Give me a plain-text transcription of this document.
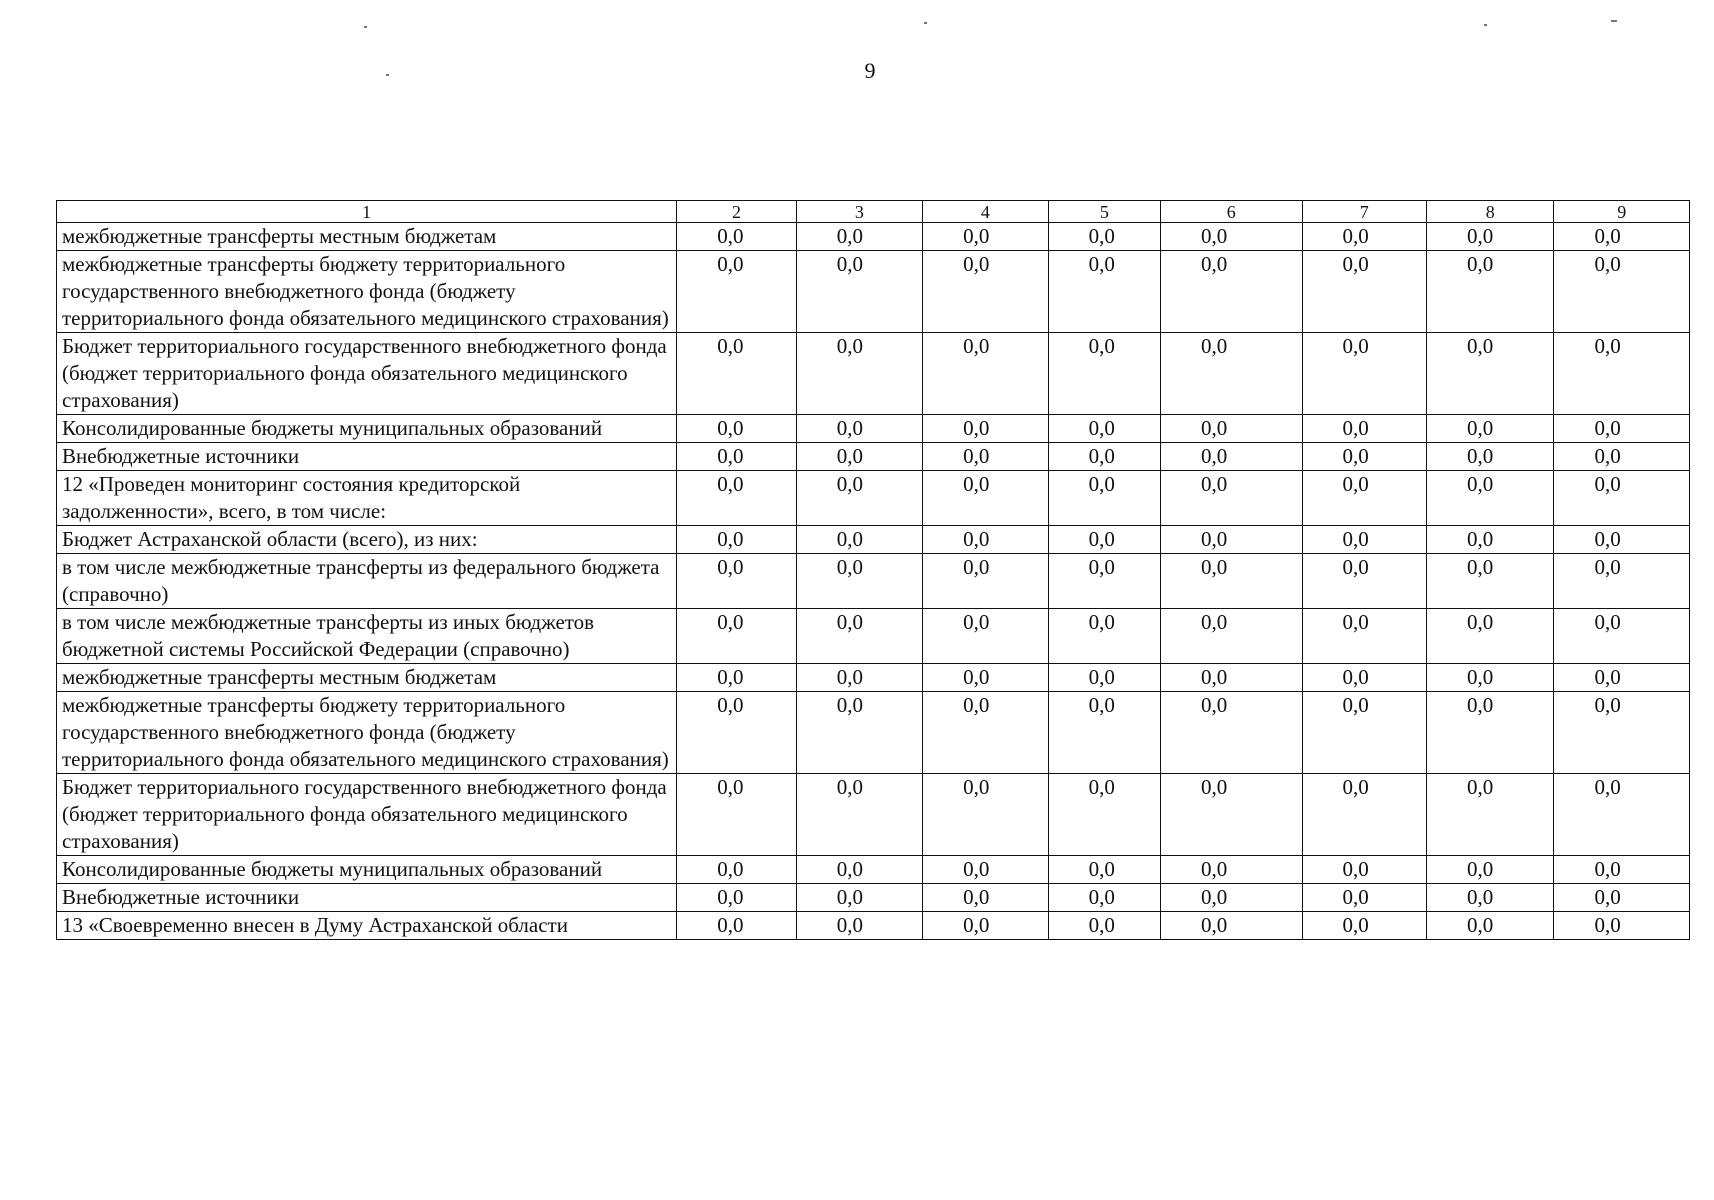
9
1	2	3	4	5	6	7	8	9
межбюджетные трансферты местным бюджетам	0,0	0,0	0,0	0,0	0,0	0,0	0,0	0,0
межбюджетные трансферты бюджету территориального государственного внебюджетного фонда (бюджету территориального фонда обязательного медицинского страхования)	0,0	0,0	0,0	0,0	0,0	0,0	0,0	0,0
Бюджет территориального государственного внебюджетного фонда (бюджет территориального фонда обязательного медицинского страхования)	0,0	0,0	0,0	0,0	0,0	0,0	0,0	0,0
Консолидированные бюджеты муниципальных образований	0,0	0,0	0,0	0,0	0,0	0,0	0,0	0,0
Внебюджетные источники	0,0	0,0	0,0	0,0	0,0	0,0	0,0	0,0
12 «Проведен мониторинг состояния кредиторской задолженности», всего, в том числе:	0,0	0,0	0,0	0,0	0,0	0,0	0,0	0,0
Бюджет Астраханской области (всего), из них:	0,0	0,0	0,0	0,0	0,0	0,0	0,0	0,0
в том числе межбюджетные трансферты из федерального бюджета (справочно)	0,0	0,0	0,0	0,0	0,0	0,0	0,0	0,0
в том числе межбюджетные трансферты из иных бюджетов бюджетной системы Российской Федерации (справочно)	0,0	0,0	0,0	0,0	0,0	0,0	0,0	0,0
межбюджетные трансферты местным бюджетам	0,0	0,0	0,0	0,0	0,0	0,0	0,0	0,0
межбюджетные трансферты бюджету территориального государственного внебюджетного фонда (бюджету территориального фонда обязательного медицинского страхования)	0,0	0,0	0,0	0,0	0,0	0,0	0,0	0,0
Бюджет территориального государственного внебюджетного фонда (бюджет территориального фонда обязательного медицинского страхования)	0,0	0,0	0,0	0,0	0,0	0,0	0,0	0,0
Консолидированные бюджеты муниципальных образований	0,0	0,0	0,0	0,0	0,0	0,0	0,0	0,0
Внебюджетные источники	0,0	0,0	0,0	0,0	0,0	0,0	0,0	0,0
13 «Своевременно внесен в Думу Астраханской области	0,0	0,0	0,0	0,0	0,0	0,0	0,0	0,0
